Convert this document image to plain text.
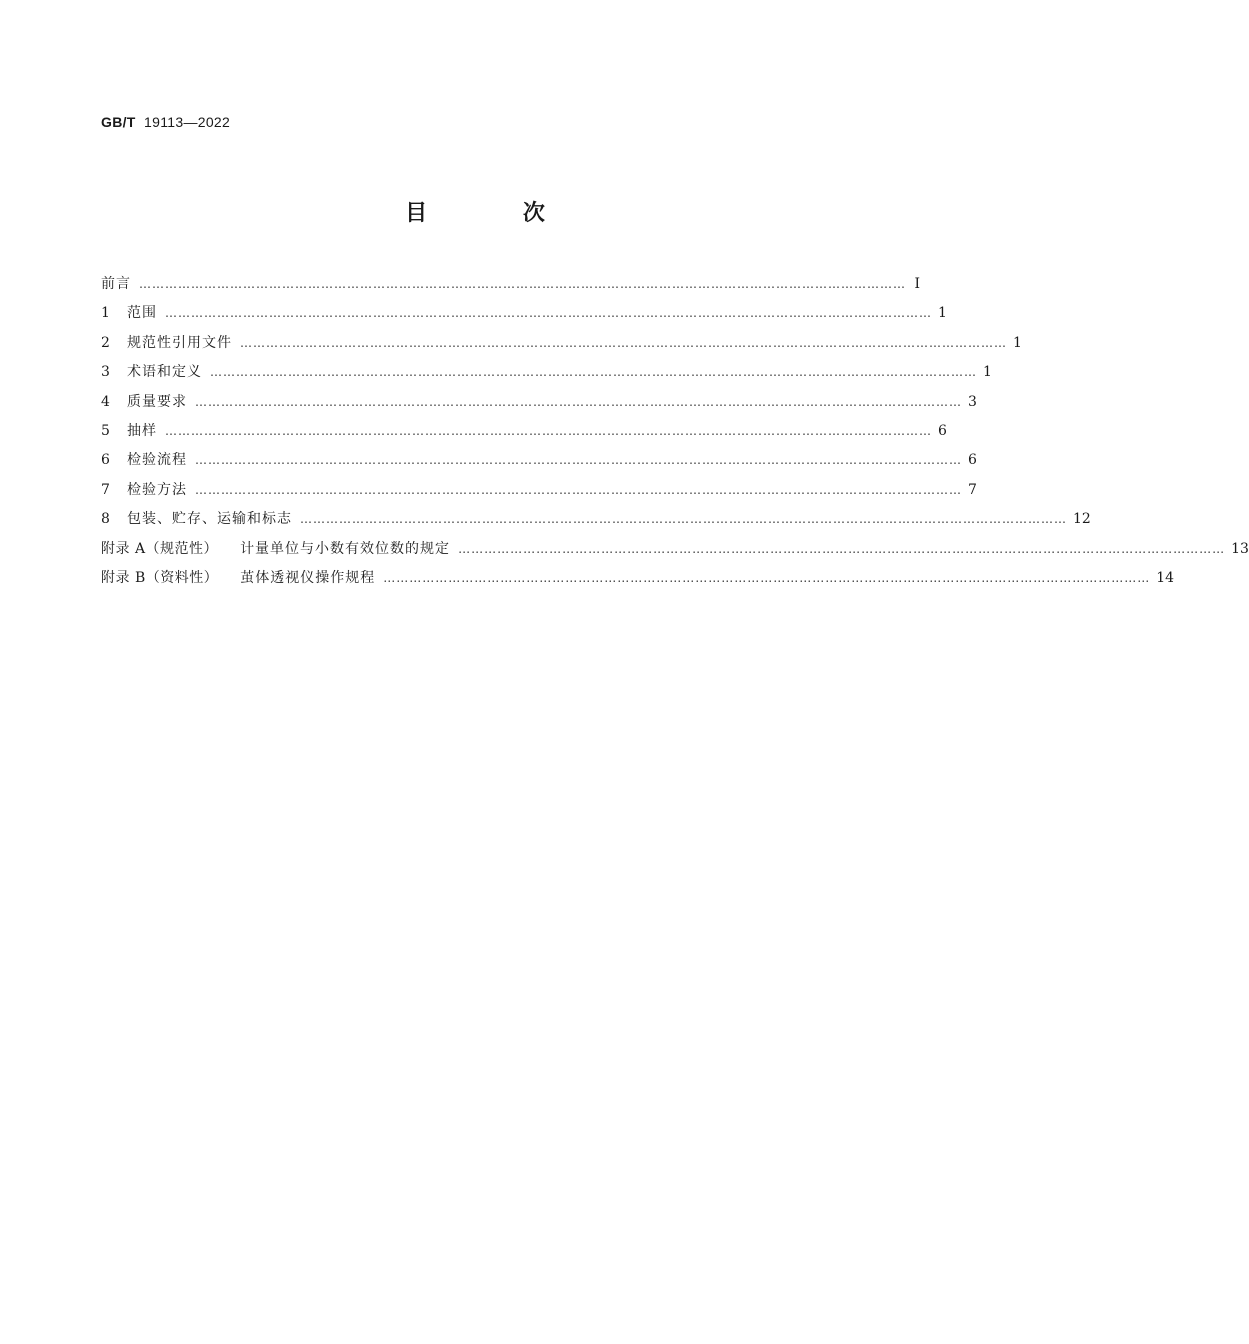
GB/T 19113—2022
目 次
前言 …………………………………………………………………………………………………………………………………………………………… Ⅰ
1	范围 …………………………………………………………………………………………………………………………………………………………… 1
2	规范性引用文件 …………………………………………………………………………………………………………………………………………………………… 1
3	术语和定义 …………………………………………………………………………………………………………………………………………………………… 1
4	质量要求 …………………………………………………………………………………………………………………………………………………………… 3
5	抽样 …………………………………………………………………………………………………………………………………………………………… 6
6	检验流程 …………………………………………………………………………………………………………………………………………………………… 6
7	检验方法 …………………………………………………………………………………………………………………………………………………………… 7
8	包装、贮存、运输和标志 …………………………………………………………………………………………………………………………………………………………… 12
附录 A（规范性） 计量单位与小数有效位数的规定 …………………………………………………………………………………………………………………………………………………………… 13
附录 B（资料性） 茧体透视仪操作规程 …………………………………………………………………………………………………………………………………………………………… 14
